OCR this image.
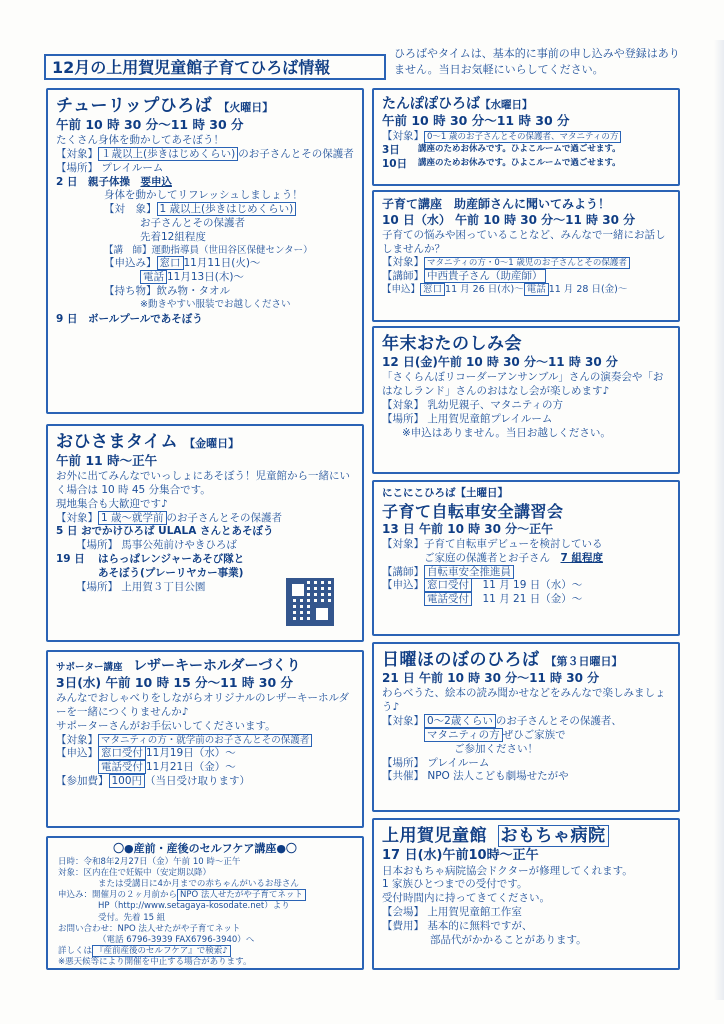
12月の上用賀児童館子育てひろば情報
ひろばやタイムは、基本的に事前の申し込みや登録はありません。当日お気軽にいらしてください。
チューリップひろば 【火曜日】
午前 10 時 30 分～11 時 30 分
たくさん身体を動かしてあそぼう！
【対象】 １歳以上(歩きはじめくらい) のお子さんとその保護者
【場所】 プレイルーム
2 日　 親子体操　 要申込
身体を動かしてリフレッシュしましょう！
【対　象】 1 歳以上(歩きはじめくらい)
お子さんとその保護者
先着12組程度
【講　師】運動指導員（世田谷区保健センター）
【申込み】 窓口 11月11日(火)～
電話 11月13日(木)～
【持ち物】飲み物・タオル
※動きやすい服装でお越しください
9 日　 ボールプールであそぼう
おひさまタイム 【金曜日】
午前 11 時～正午
お外に出てみんなでいっしょにあそぼう！児童館から一緒にいく場合は 10 時 45 分集合です。
現地集合も大歓迎です♪
【対象】 1 歳～就学前 のお子さんとその保護者
5 日 おでかけひろば ULALA さんとあそぼう
【場所】 馬事公苑前けやきひろば
19 日	はらっぱレンジャーあそび隊と
あそぼう(プレーリヤカー事業)
【場所】 上用賀３丁目公園
サポーター講座　 レザーキーホルダーづくり
3日(水) 午前 10 時 15 分～11 時 30 分
みんなでおしゃべりをしながらオリジナルのレザーキーホルダーを一緒につくりませんか♪
サポーターさんがお手伝いしてくださいます。
【対象】 マタニティの方・就学前のお子さんとその保護者
【申込】 窓口受付 11月19日（水）～
電話受付 11月21日（金）～
【参加費】 100円 （当日受け取ります）
〇●産前・産後のセルフケア講座●〇
日時：令和8年2月27日（金）午前 10 時～正午
対象：区内在住で妊娠中（安定期以降）
または受講日に4か月までの赤ちゃんがいるお母さん
申込み：開催月の２ヶ月前から NPO 法人せたがや子育てネット
HP（http://www.setagaya-kosodate.net）より
受付。先着 15 組
お問い合わせ：NPO 法人せたがや子育てネット
（電話 6796-3939 FAX6796-3940）へ
詳しくは 『産前産後のセルフケア』で検索♪
※悪天候等により開催を中止する場合があります。
たんぽぽひろば【水曜日】
午前 10 時 30 分～11 時 30 分
【対象】 0～1 歳のお子さんとその保護者、マタニティの方
3日	講座のためお休みです。ひよこルームで過ごせます。
10日	講座のためお休みです。ひよこルームで過ごせます。
子育て講座　助産師さんに聞いてみよう！
10 日（水） 午前 10 時 30 分～11 時 30 分
子育ての悩みや困っていることなど、みんなで一緒にお話ししませんか？
【対象】 マタニティの方・0～1 歳児のお子さんとその保護者
【講師】 中西貴子さん（助産師）
【申込】 窓口 11 月 26 日(水)～ 電話 11 月 28 日(金)～
年末おたのしみ会
12 日(金)午前 10 時 30 分～11 時 30 分
「さくらんぼリコーダーアンサンブル」さんの演奏会や「おはなしランド」さんのおはなし会が楽しめます♪
【対象】 乳幼児親子、マタニティの方
【場所】 上用賀児童館プレイルーム
※申込はありません。当日お越しください。
にこにこひろば【土曜日】
子育て自転車安全講習会
13 日 午前 10 時 30 分～正午
【対象】子育て自転車デビューを検討している
ご家庭の保護者とお子さん　 7 組程度
【講師】 自転車安全推進員
【申込】 窓口受付　 11 月 19 日（水）～
電話受付　 11 月 21 日（金）～
日曜ほのぼのひろば 【第３日曜日】
21 日 午前 10 時 30 分～11 時 30 分
わらべうた、絵本の読み聞かせなどをみんなで楽しみましょう♪
【対象】 0～2歳くらい のお子さんとその保護者、
マタニティの方 ぜひご家族で
ご参加ください！
【場所】 プレイルーム
【共催】 NPO 法人こども劇場せたがや
上用賀児童館　 おもちゃ病院
17 日(水)午前10時～正午
日本おもちゃ病院協会ドクターが修理してくれます。
1 家族ひとつまでの受付です。
受付時間内に持ってきてください。
【会場】 上用賀児童館工作室
【費用】 基本的に無料ですが、
部品代がかかることがあります。
